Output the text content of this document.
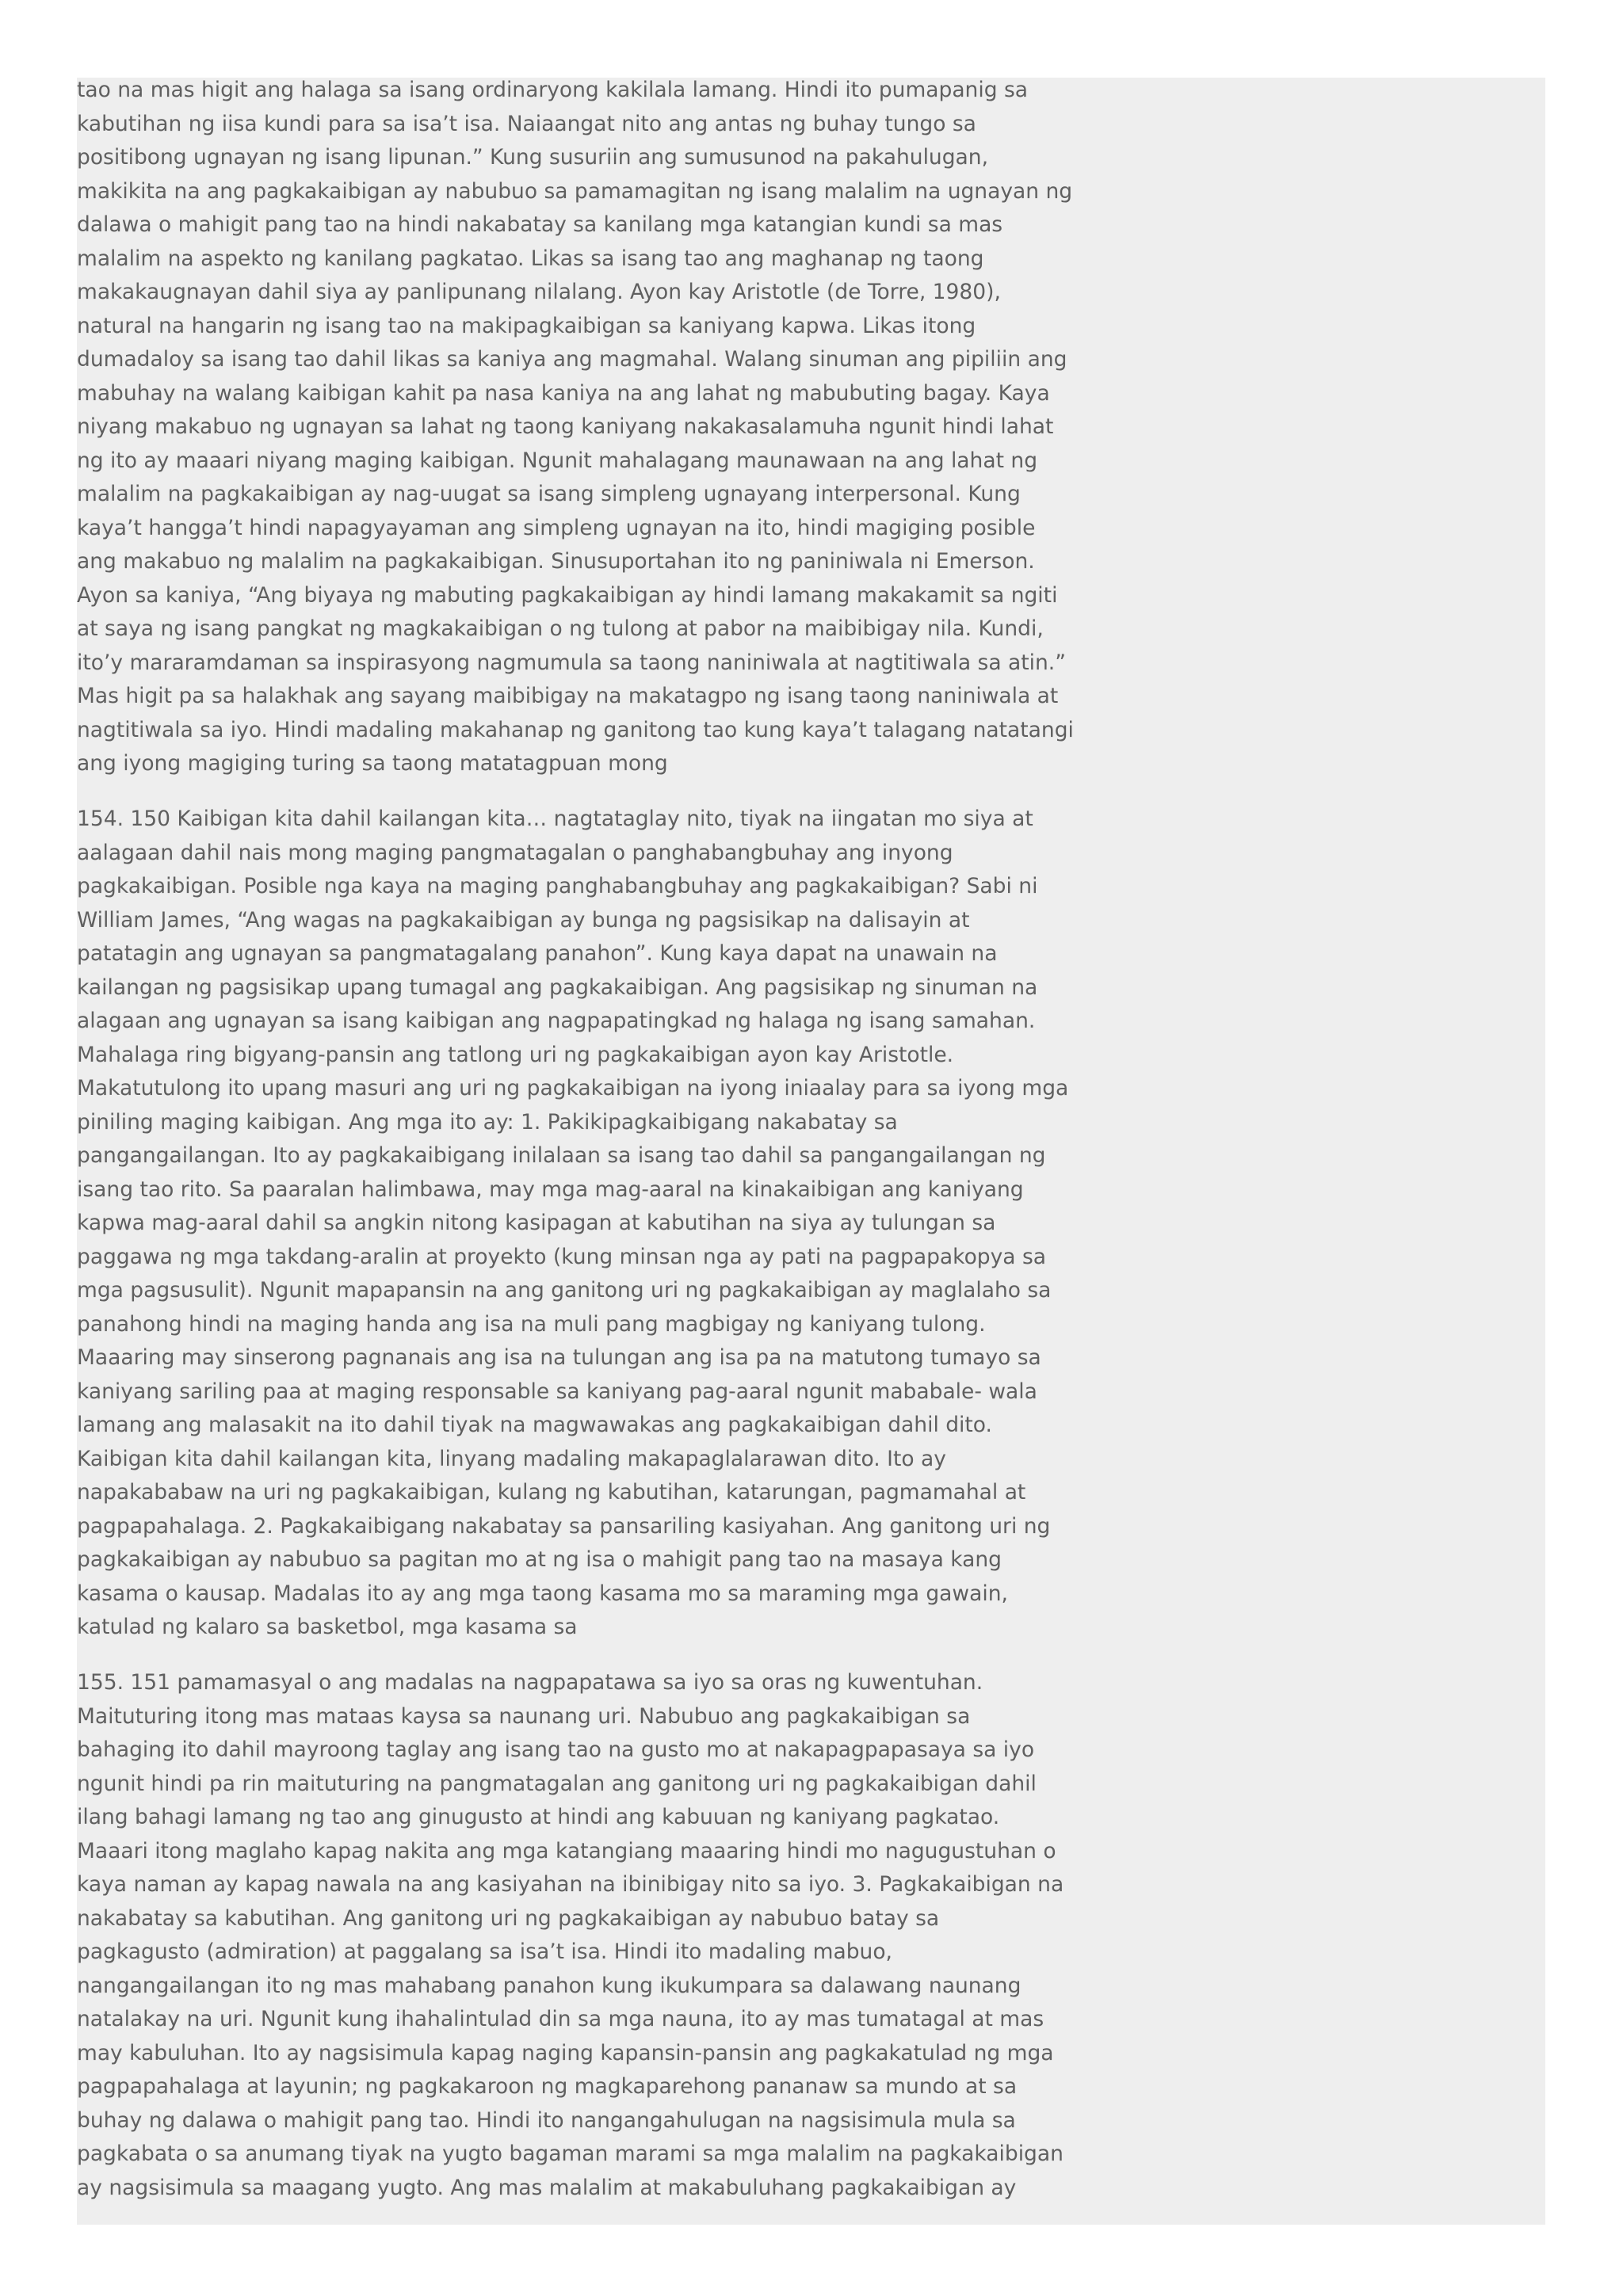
tao na mas higit ang halaga sa isang ordinaryong kakilala lamang. Hindi ito pumapanig sa
kabutihan ng iisa kundi para sa isa’t isa. Naiaangat nito ang antas ng buhay tungo sa
positibong ugnayan ng isang lipunan.” Kung susuriin ang sumusunod na pakahulugan,
makikita na ang pagkakaibigan ay nabubuo sa pamamagitan ng isang malalim na ugnayan ng
dalawa o mahigit pang tao na hindi nakabatay sa kanilang mga katangian kundi sa mas
malalim na aspekto ng kanilang pagkatao. Likas sa isang tao ang maghanap ng taong
makakaugnayan dahil siya ay panlipunang nilalang. Ayon kay Aristotle (de Torre, 1980),
natural na hangarin ng isang tao na makipagkaibigan sa kaniyang kapwa. Likas itong
dumadaloy sa isang tao dahil likas sa kaniya ang magmahal. Walang sinuman ang pipiliin ang
mabuhay na walang kaibigan kahit pa nasa kaniya na ang lahat ng mabubuting bagay. Kaya
niyang makabuo ng ugnayan sa lahat ng taong kaniyang nakakasalamuha ngunit hindi lahat
ng ito ay maaari niyang maging kaibigan. Ngunit mahalagang maunawaan na ang lahat ng
malalim na pagkakaibigan ay nag-uugat sa isang simpleng ugnayang interpersonal. Kung
kaya’t hangga’t hindi napagyayaman ang simpleng ugnayan na ito, hindi magiging posible
ang makabuo ng malalim na pagkakaibigan. Sinusuportahan ito ng paniniwala ni Emerson.
Ayon sa kaniya, “Ang biyaya ng mabuting pagkakaibigan ay hindi lamang makakamit sa ngiti
at saya ng isang pangkat ng magkakaibigan o ng tulong at pabor na maibibigay nila. Kundi,
ito’y mararamdaman sa inspirasyong nagmumula sa taong naniniwala at nagtitiwala sa atin.”
Mas higit pa sa halakhak ang sayang maibibigay na makatagpo ng isang taong naniniwala at
nagtitiwala sa iyo. Hindi madaling makahanap ng ganitong tao kung kaya’t talagang natatangi
ang iyong magiging turing sa taong matatagpuan mong
154. 150 Kaibigan kita dahil kailangan kita… nagtataglay nito, tiyak na iingatan mo siya at
aalagaan dahil nais mong maging pangmatagalan o panghabangbuhay ang inyong
pagkakaibigan. Posible nga kaya na maging panghabangbuhay ang pagkakaibigan? Sabi ni
William James, “Ang wagas na pagkakaibigan ay bunga ng pagsisikap na dalisayin at
patatagin ang ugnayan sa pangmatagalang panahon”. Kung kaya dapat na unawain na
kailangan ng pagsisikap upang tumagal ang pagkakaibigan. Ang pagsisikap ng sinuman na
alagaan ang ugnayan sa isang kaibigan ang nagpapatingkad ng halaga ng isang samahan.
Mahalaga ring bigyang-pansin ang tatlong uri ng pagkakaibigan ayon kay Aristotle.
Makatutulong ito upang masuri ang uri ng pagkakaibigan na iyong iniaalay para sa iyong mga
piniling maging kaibigan. Ang mga ito ay: 1. Pakikipagkaibigang nakabatay sa
pangangailangan. Ito ay pagkakaibigang inilalaan sa isang tao dahil sa pangangailangan ng
isang tao rito. Sa paaralan halimbawa, may mga mag-aaral na kinakaibigan ang kaniyang
kapwa mag-aaral dahil sa angkin nitong kasipagan at kabutihan na siya ay tulungan sa
paggawa ng mga takdang-aralin at proyekto (kung minsan nga ay pati na pagpapakopya sa
mga pagsusulit). Ngunit mapapansin na ang ganitong uri ng pagkakaibigan ay maglalaho sa
panahong hindi na maging handa ang isa na muli pang magbigay ng kaniyang tulong.
Maaaring may sinserong pagnanais ang isa na tulungan ang isa pa na matutong tumayo sa
kaniyang sariling paa at maging responsable sa kaniyang pag-aaral ngunit mababale- wala
lamang ang malasakit na ito dahil tiyak na magwawakas ang pagkakaibigan dahil dito.
Kaibigan kita dahil kailangan kita, linyang madaling makapaglalarawan dito. Ito ay
napakababaw na uri ng pagkakaibigan, kulang ng kabutihan, katarungan, pagmamahal at
pagpapahalaga. 2. Pagkakaibigang nakabatay sa pansariling kasiyahan. Ang ganitong uri ng
pagkakaibigan ay nabubuo sa pagitan mo at ng isa o mahigit pang tao na masaya kang
kasama o kausap. Madalas ito ay ang mga taong kasama mo sa maraming mga gawain,
katulad ng kalaro sa basketbol, mga kasama sa
155. 151 pamamasyal o ang madalas na nagpapatawa sa iyo sa oras ng kuwentuhan.
Maituturing itong mas mataas kaysa sa naunang uri. Nabubuo ang pagkakaibigan sa
bahaging ito dahil mayroong taglay ang isang tao na gusto mo at nakapagpapasaya sa iyo
ngunit hindi pa rin maituturing na pangmatagalan ang ganitong uri ng pagkakaibigan dahil
ilang bahagi lamang ng tao ang ginugusto at hindi ang kabuuan ng kaniyang pagkatao.
Maaari itong maglaho kapag nakita ang mga katangiang maaaring hindi mo nagugustuhan o
kaya naman ay kapag nawala na ang kasiyahan na ibinibigay nito sa iyo. 3. Pagkakaibigan na
nakabatay sa kabutihan. Ang ganitong uri ng pagkakaibigan ay nabubuo batay sa
pagkagusto (admiration) at paggalang sa isa’t isa. Hindi ito madaling mabuo,
nangangailangan ito ng mas mahabang panahon kung ikukumpara sa dalawang naunang
natalakay na uri. Ngunit kung ihahalintulad din sa mga nauna, ito ay mas tumatagal at mas
may kabuluhan. Ito ay nagsisimula kapag naging kapansin-pansin ang pagkakatulad ng mga
pagpapahalaga at layunin; ng pagkakaroon ng magkaparehong pananaw sa mundo at sa
buhay ng dalawa o mahigit pang tao. Hindi ito nangangahulugan na nagsisimula mula sa
pagkabata o sa anumang tiyak na yugto bagaman marami sa mga malalim na pagkakaibigan
ay nagsisimula sa maagang yugto. Ang mas malalim at makabuluhang pagkakaibigan ay
